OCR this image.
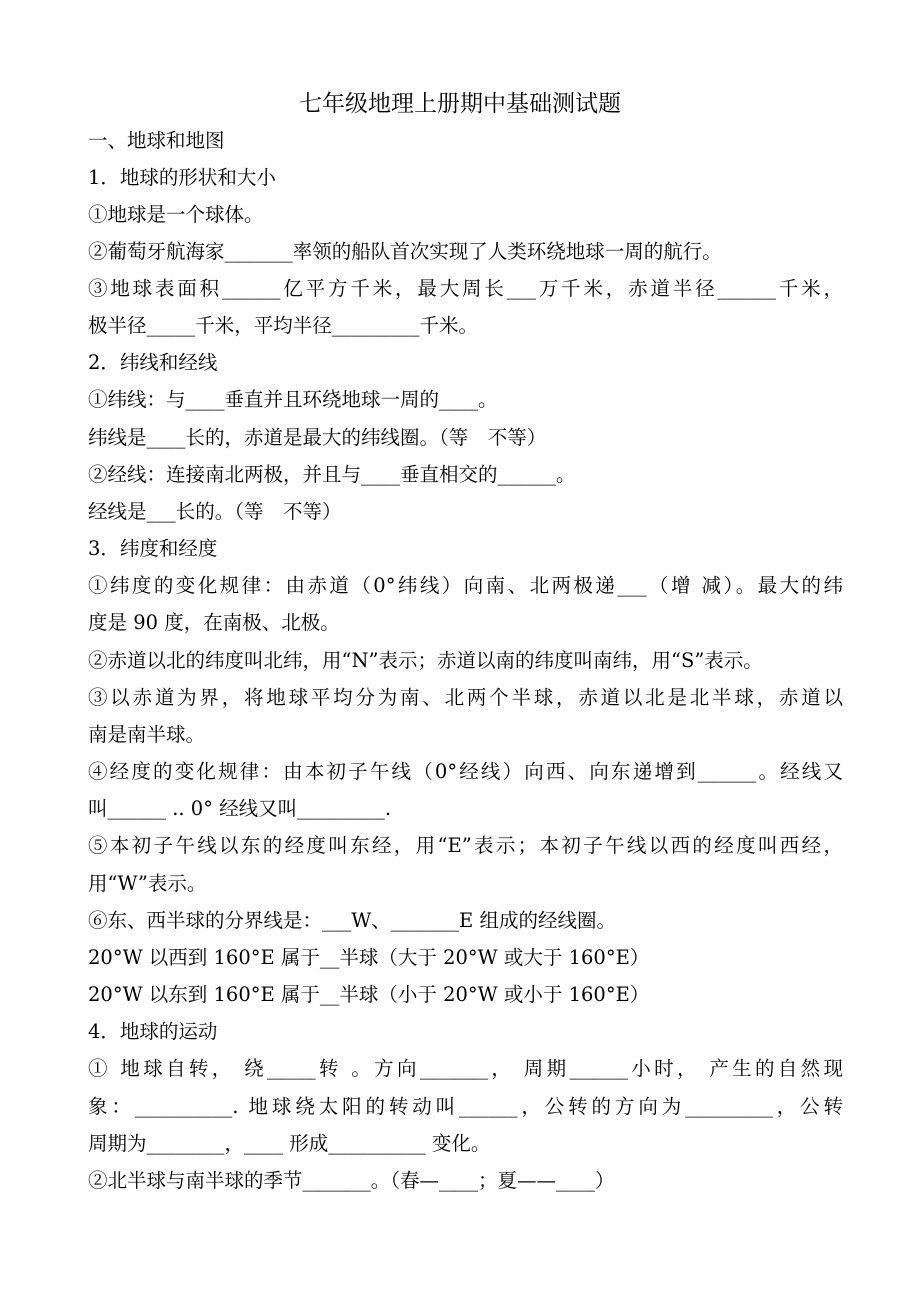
七年级地理上册期中基础测试题
一、地球和地图
1．地球的形状和大小
①地球是一个球体。
②葡萄牙航海家_______率领的船队首次实现了人类环绕地球一周的航行。
③地球表面积______亿平方千米，最大周长___万千米，赤道半径______千米，
极半径_____千米，平均半径_________千米。
2．纬线和经线
①纬线：与____垂直并且环绕地球一周的____。
纬线是____长的，赤道是最大的纬线圈。（等　不等）
②经线：连接南北两极，并且与____垂直相交的______。
经线是___长的。（等　不等）
3．纬度和经度
①纬度的变化规律：由赤道（0°纬线）向南、北两极递___（增 减）。最大的纬
度是 90 度，在南极、北极。
②赤道以北的纬度叫北纬，用“N”表示；赤道以南的纬度叫南纬，用“S”表示。
③以赤道为界，将地球平均分为南、北两个半球，赤道以北是北半球，赤道以
南是南半球。
④经度的变化规律：由本初子午线（0°经线）向西、向东递增到______。经线又
叫______ .. 0° 经线又叫_________.
⑤本初子午线以东的经度叫东经，用“E”表示；本初子午线以西的经度叫西经，
用“W”表示。
⑥东、西半球的分界线是：___W、_______E 组成的经线圈。
20°W 以西到 160°E 属于__半球（大于 20°W 或大于 160°E）
20°W 以东到 160°E 属于__半球（小于 20°W 或小于 160°E）
4．地球的运动
① 地球自转， 绕_____转 。方向_______， 周期______小时， 产生的自然现
象：__________. 地球绕太阳的转动叫______，公转的方向为_________，公转
周期为________，____ 形成__________ 变化。
②北半球与南半球的季节_______。（春—____；夏——____）
